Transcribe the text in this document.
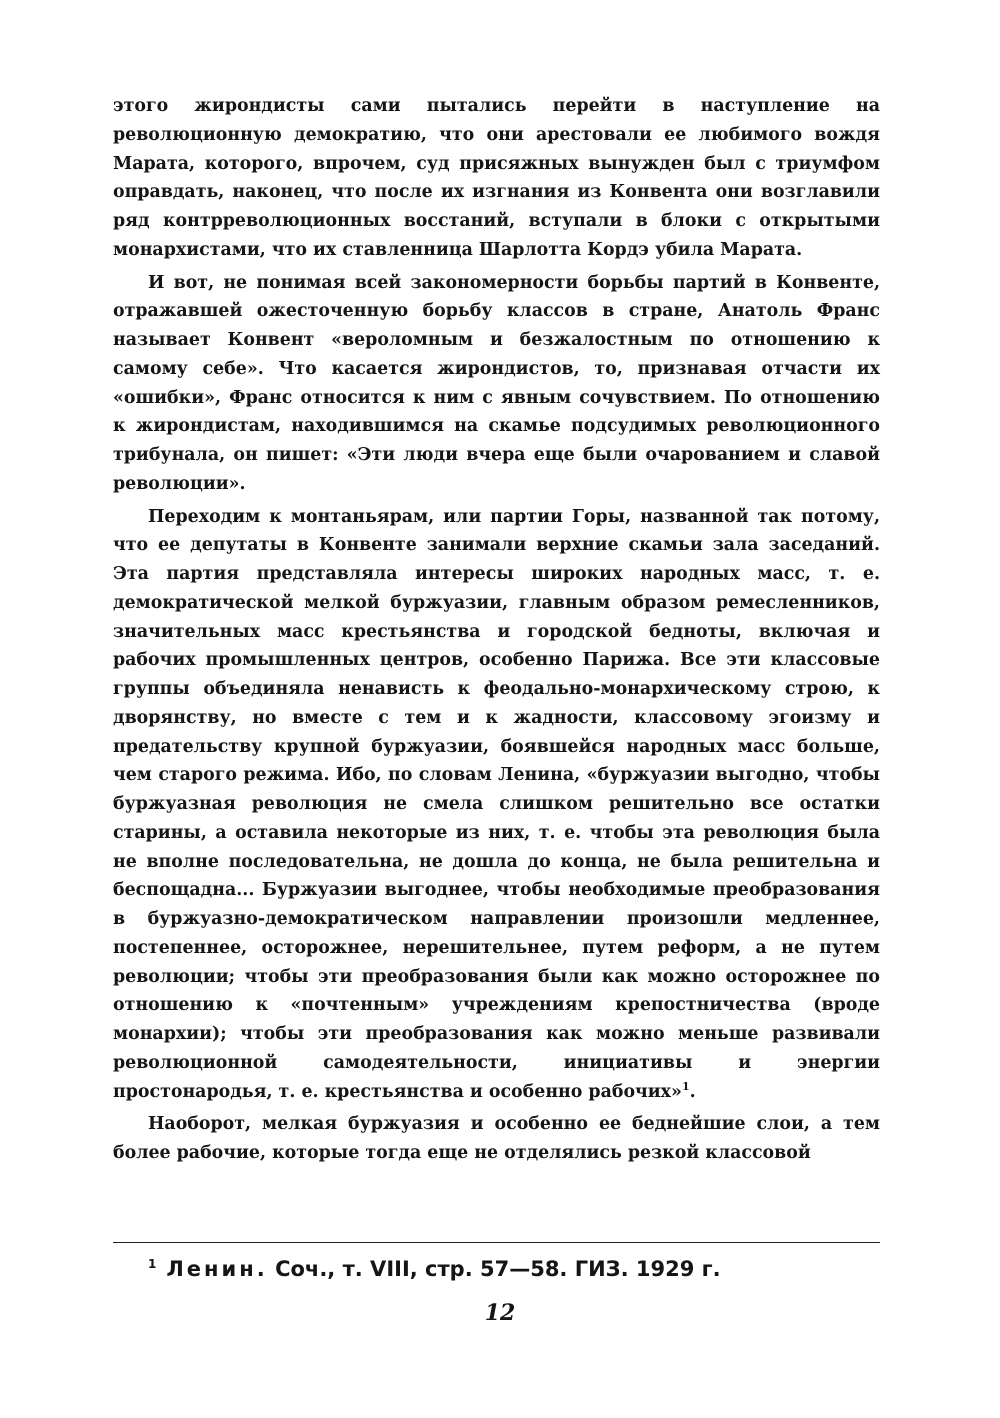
этого жирондисты сами пытались перейти в наступление на революционную демократию, что они арестовали ее любимого вождя Марата, которого, впрочем, суд присяжных вынужден был с триумфом оправдать, наконец, что после их изгнания из Конвента они возглавили ряд контрреволюционных восстаний, вступали в блоки с открытыми монархистами, что их ставленница Шарлотта Кордэ убила Марата.

И вот, не понимая всей закономерности борьбы партий в Конвенте, отражавшей ожесточенную борьбу классов в стране, Анатоль Франс называет Конвент «вероломным и безжалостным по отношению к самому себе». Что касается жирондистов, то, признавая отчасти их «ошибки», Франс относится к ним с явным сочувствием. По отношению к жирондистам, находившимся на скамье подсудимых революционного трибунала, он пишет: «Эти люди вчера еще были очарованием и славой революции».

Переходим к монтаньярам, или партии Горы, названной так потому, что ее депутаты в Конвенте занимали верхние скамьи зала заседаний. Эта партия представляла интересы широких народных масс, т. е. демократической мелкой буржуазии, главным образом ремесленников, значительных масс крестьянства и городской бедноты, включая и рабочих промышленных центров, особенно Парижа. Все эти классовые группы объединяла ненависть к феодально-монархическому строю, к дворянству, но вместе с тем и к жадности, классовому эгоизму и предательству крупной буржуазии, боявшейся народных масс больше, чем старого режима. Ибо, по словам Ленина, «буржуазии выгодно, чтобы буржуазная революция не смела слишком решительно все остатки старины, а оставила некоторые из них, т. е. чтобы эта революция была не вполне последовательна, не дошла до конца, не была решительна и беспощадна... Буржуазии выгоднее, чтобы необходимые преобразования в буржуазно-демократическом направлении произошли медленнее, постепеннее, осторожнее, нерешительнее, путем реформ, а не путем революции; чтобы эти преобразования были как можно осторожнее по отношению к «почтенным» учреждениям крепостничества (вроде монархии); чтобы эти преобразования как можно меньше развивали революционной самодеятельности, инициативы и энергии простонародья, т. е. крестьянства и особенно рабочих»$^1$.

Наоборот, мелкая буржуазия и особенно ее беднейшие слои, а тем более рабочие, которые тогда еще не отделялись резкой классовой

$^1$ Ленин. Соч., т. VIII, стр. 57—58. ГИЗ. 1929 г.
12
